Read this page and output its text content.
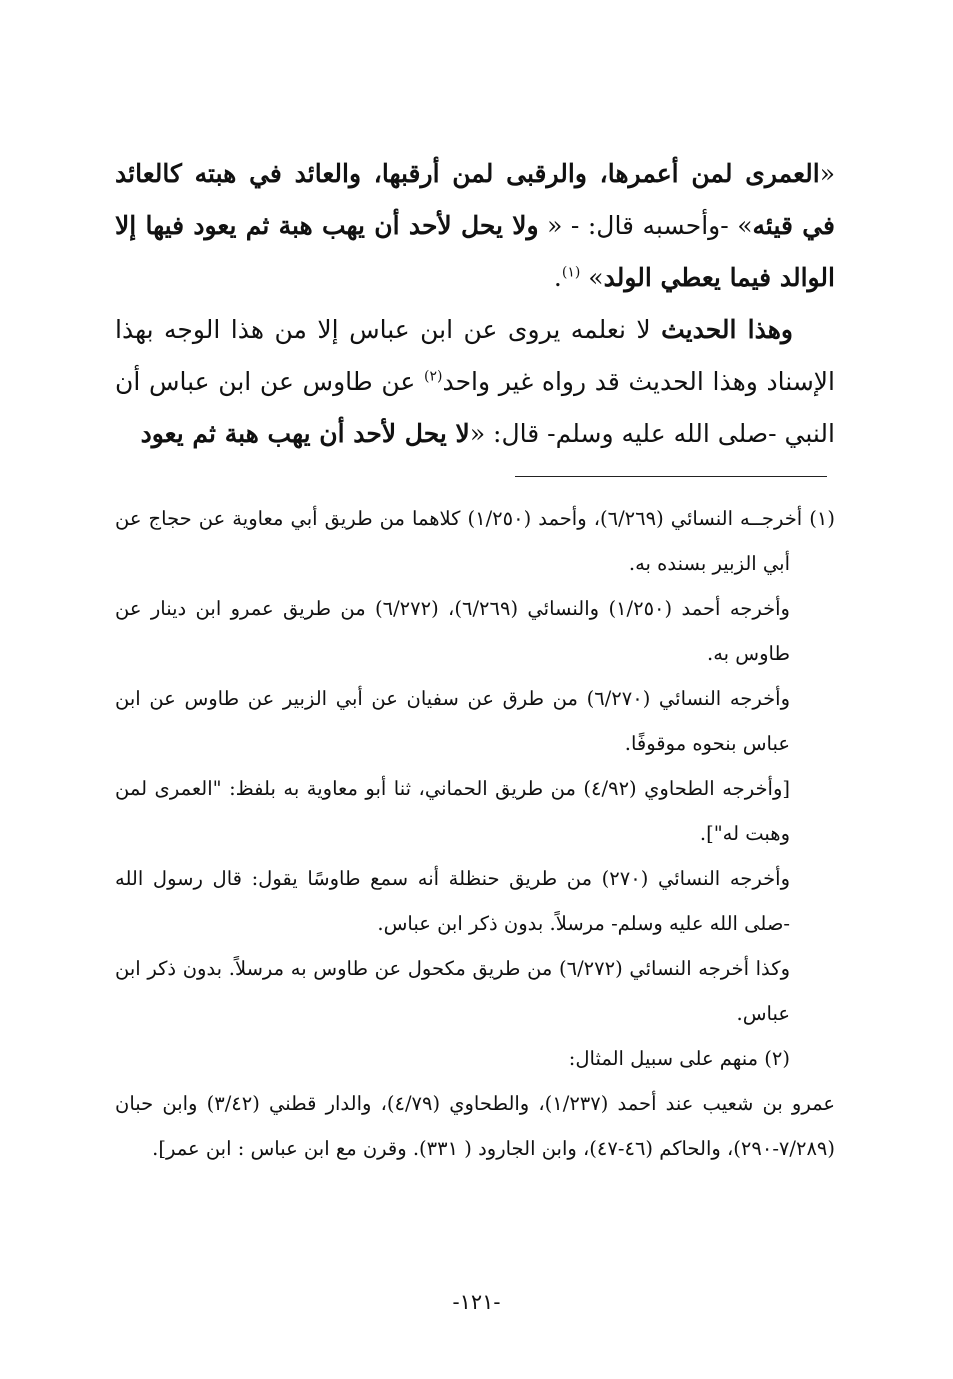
«العمرى لمن أعمرها، والرقبى لمن أرقبها، والعائد في هبته كالعائد في قيئه» -وأحسبه قال: - « ولا يحل لأحد أن يهب هبة ثم يعود فيها إلا الوالد فيما يعطي الولد» $^{(١)}$.

وهذا الحديث لا نعلمه يروى عن ابن عباس إلا من هذا الوجه بهذا الإسناد وهذا الحديث قد رواه غير واحد$^{(٢)}$ عن طاوس عن ابن عباس أن النبي -صلى الله عليه وسلم- قال: «لا يحل لأحد أن يهب هبة ثم يعود

(١) أخرجــه النسائي (٦/٢٦٩)، وأحمد (١/٢٥٠) كلاهما من طريق أبي معاوية عن حجاج عن أبي الزبير بسنده به.

وأخرجه أحمد (١/٢٥٠) والنسائي (٦/٢٦٩)، (٦/٢٧٢) من طريق عمرو ابن دينار عن طاوس به.

وأخرجه النسائي (٦/٢٧٠) من طرق عن سفيان عن أبي الزبير عن طاوس عن ابن عباس بنحوه موقوفًا.

[وأخرجه الطحاوي (٤/٩٢) من طريق الحماني، ثنا أبو معاوية به بلفظ: "العمرى لمن وهبت له"].

وأخرجه النسائي (٢٧٠) من طريق حنظلة أنه سمع طاوسًا يقول: قال رسول الله -صلى الله عليه وسلم- مرسلاً. بدون ذكر ابن عباس.

وكذا أخرجه النسائي (٦/٢٧٢) من طريق مكحول عن طاوس به مرسلاً. بدون ذكر ابن عباس.

(٢) منهم على سبيل المثال:

عمرو بن شعيب عند أحمد (١/٢٣٧)، والطحاوي (٤/٧٩)، والدار قطني (٣/٤٢) وابن حبان (٧/٢٨٩-٢٩٠)، والحاكم (٤٦-٤٧)، وابن الجارود ( ٣٣١). وقرن مع ابن عباس : ابن عمر].

-١٢١-
